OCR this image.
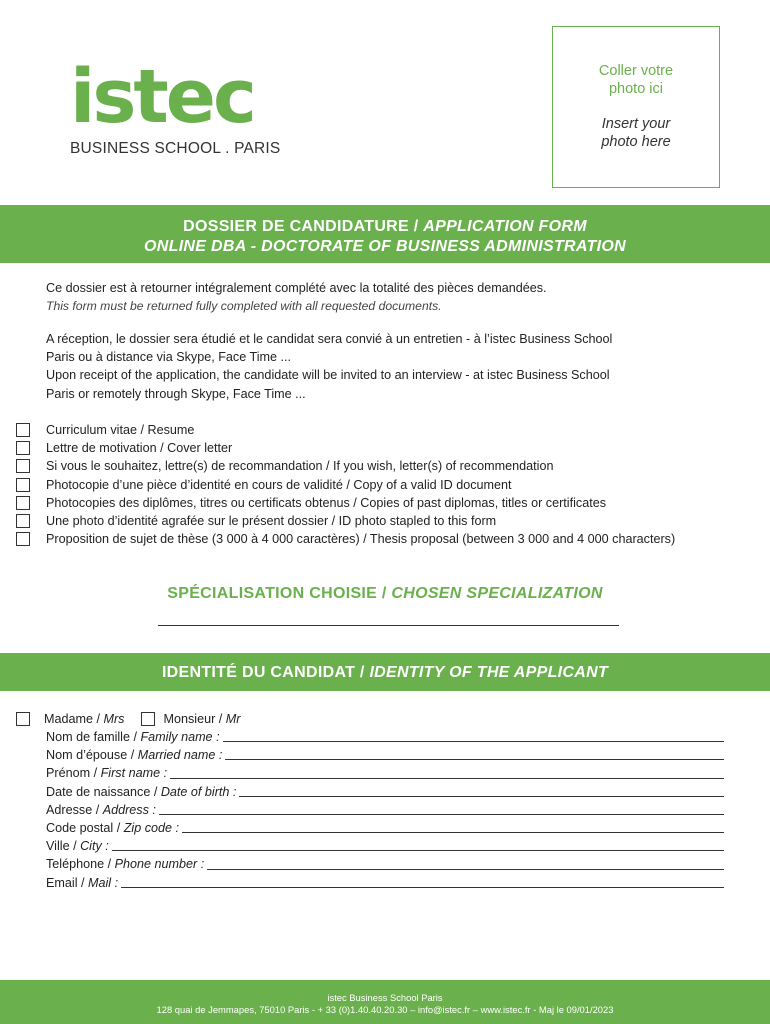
istec
BUSINESS SCHOOL . PARIS
Coller votre
photo ici
Insert your
photo here
DOSSIER DE CANDIDATURE / APPLICATION FORM
ONLINE DBA - DOCTORATE OF BUSINESS ADMINISTRATION
Ce dossier est à retourner intégralement complété avec la totalité des pièces demandées.
This form must be returned fully completed with all requested documents.
A réception, le dossier sera étudié et le candidat sera convié à un entretien - à l’istec Business School
Paris ou à distance via Skype, Face Time ...
Upon receipt of the application, the candidate will be invited to an interview - at istec Business School
Paris or remotely through Skype, Face Time ...
Curriculum vitae / Resume
Lettre de motivation / Cover letter
Si vous le souhaitez, lettre(s) de recommandation / If you wish, letter(s) of recommendation
Photocopie d’une pièce d’identité en cours de validité / Copy of a valid ID document
Photocopies des diplômes, titres ou certificats obtenus / Copies of past diplomas, titles or certificates
Une photo d’identité agrafée sur le présent dossier / ID photo stapled to this form
Proposition de sujet de thèse (3 000 à 4 000 caractères) / Thesis proposal (between 3 000 and 4 000 characters)
SPÉCIALISATION CHOISIE / CHOSEN SPECIALIZATION
IDENTITÉ DU CANDIDAT / IDENTITY OF THE APPLICANT
Madame / Mrs	Monsieur / Mr
Nom de famille / Family name :
Nom d’épouse / Married name :
Prénom / First name :
Date de naissance / Date of birth :
Adresse / Address :
Code postal / Zip code :
Ville / City :
Teléphone / Phone number :
Email / Mail :
istec Business School Paris
128 quai de Jemmapes, 75010 Paris - + 33 (0)1.40.40.20.30 – info@istec.fr – www.istec.fr - Maj le 09/01/2023
